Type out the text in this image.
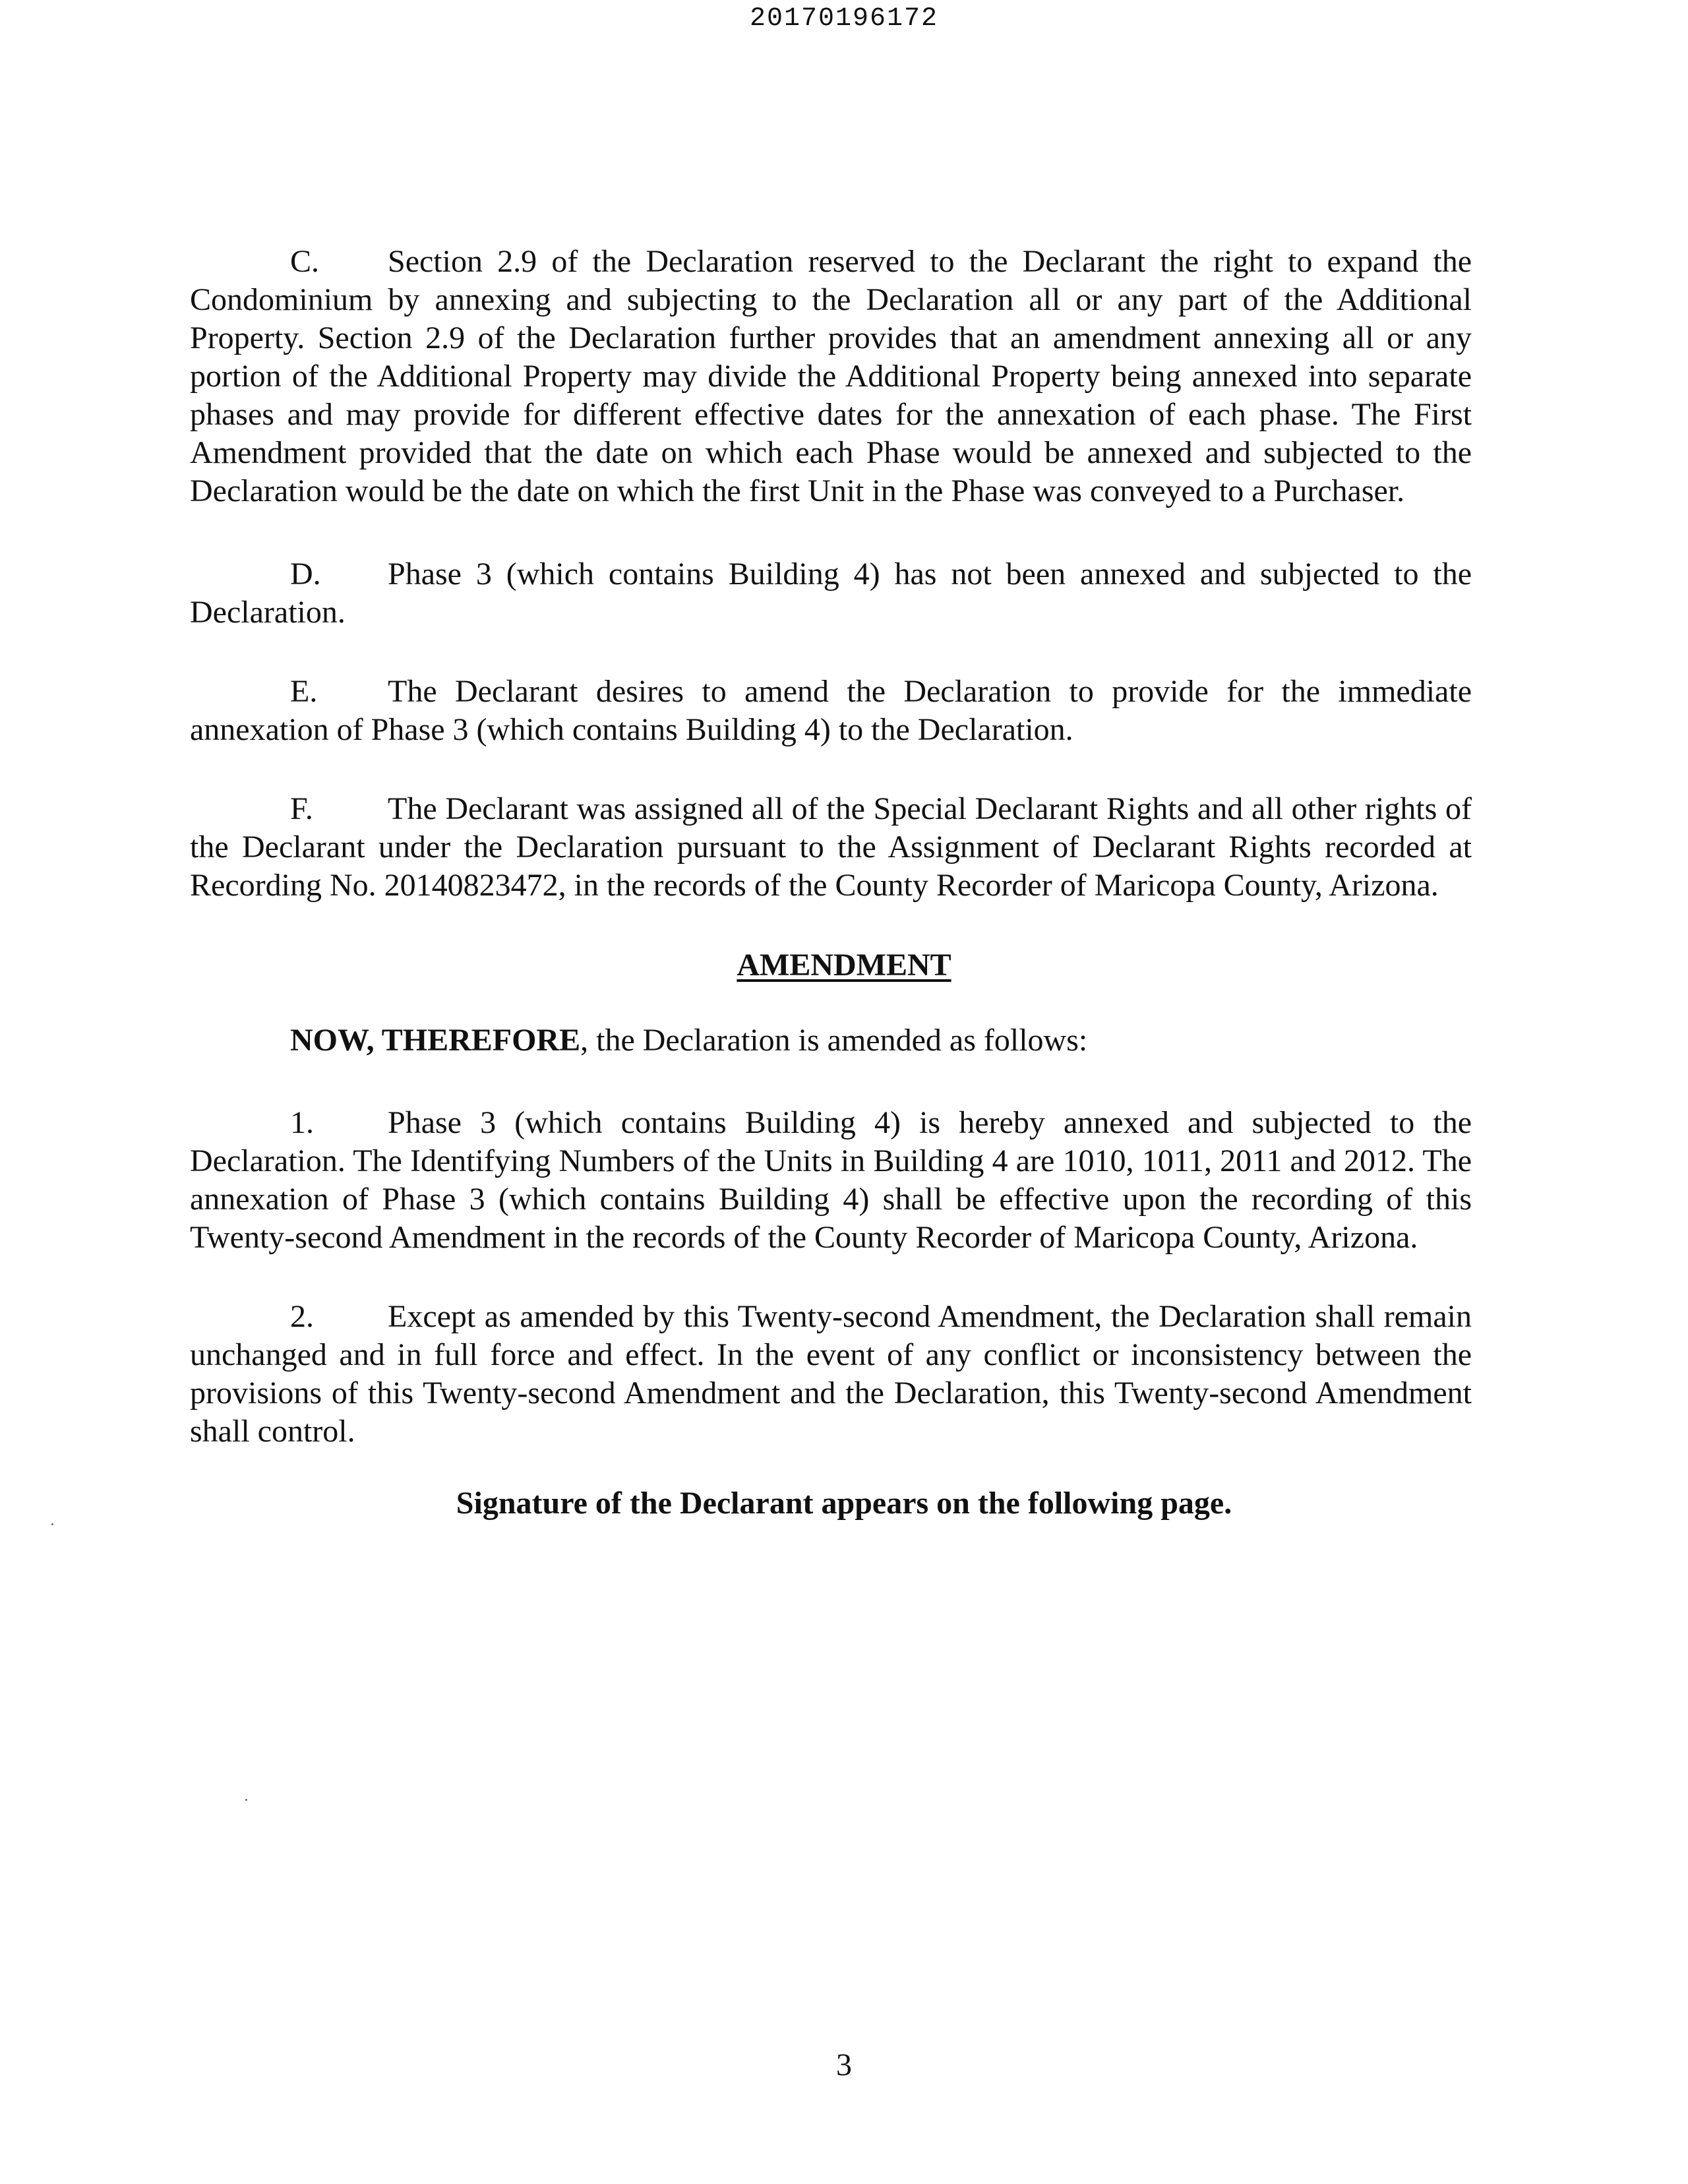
20170196172
C. Section 2.9 of the Declaration reserved to the Declarant the right to expand the Condominium by annexing and subjecting to the Declaration all or any part of the Additional Property. Section 2.9 of the Declaration further provides that an amendment annexing all or any portion of the Additional Property may divide the Additional Property being annexed into separate phases and may provide for different effective dates for the annexation of each phase. The First Amendment provided that the date on which each Phase would be annexed and subjected to the Declaration would be the date on which the first Unit in the Phase was conveyed to a Purchaser.
D. Phase 3 (which contains Building 4) has not been annexed and subjected to the Declaration.
E. The Declarant desires to amend the Declaration to provide for the immediate annexation of Phase 3 (which contains Building 4) to the Declaration.
F. The Declarant was assigned all of the Special Declarant Rights and all other rights of the Declarant under the Declaration pursuant to the Assignment of Declarant Rights recorded at Recording No. 20140823472, in the records of the County Recorder of Maricopa County, Arizona.
AMENDMENT
NOW, THEREFORE, the Declaration is amended as follows:
1. Phase 3 (which contains Building 4) is hereby annexed and subjected to the Declaration. The Identifying Numbers of the Units in Building 4 are 1010, 1011, 2011 and 2012. The annexation of Phase 3 (which contains Building 4) shall be effective upon the recording of this Twenty-second Amendment in the records of the County Recorder of Maricopa County, Arizona.
2. Except as amended by this Twenty-second Amendment, the Declaration shall remain unchanged and in full force and effect. In the event of any conflict or inconsistency between the provisions of this Twenty-second Amendment and the Declaration, this Twenty-second Amendment shall control.
Signature of the Declarant appears on the following page.
3
